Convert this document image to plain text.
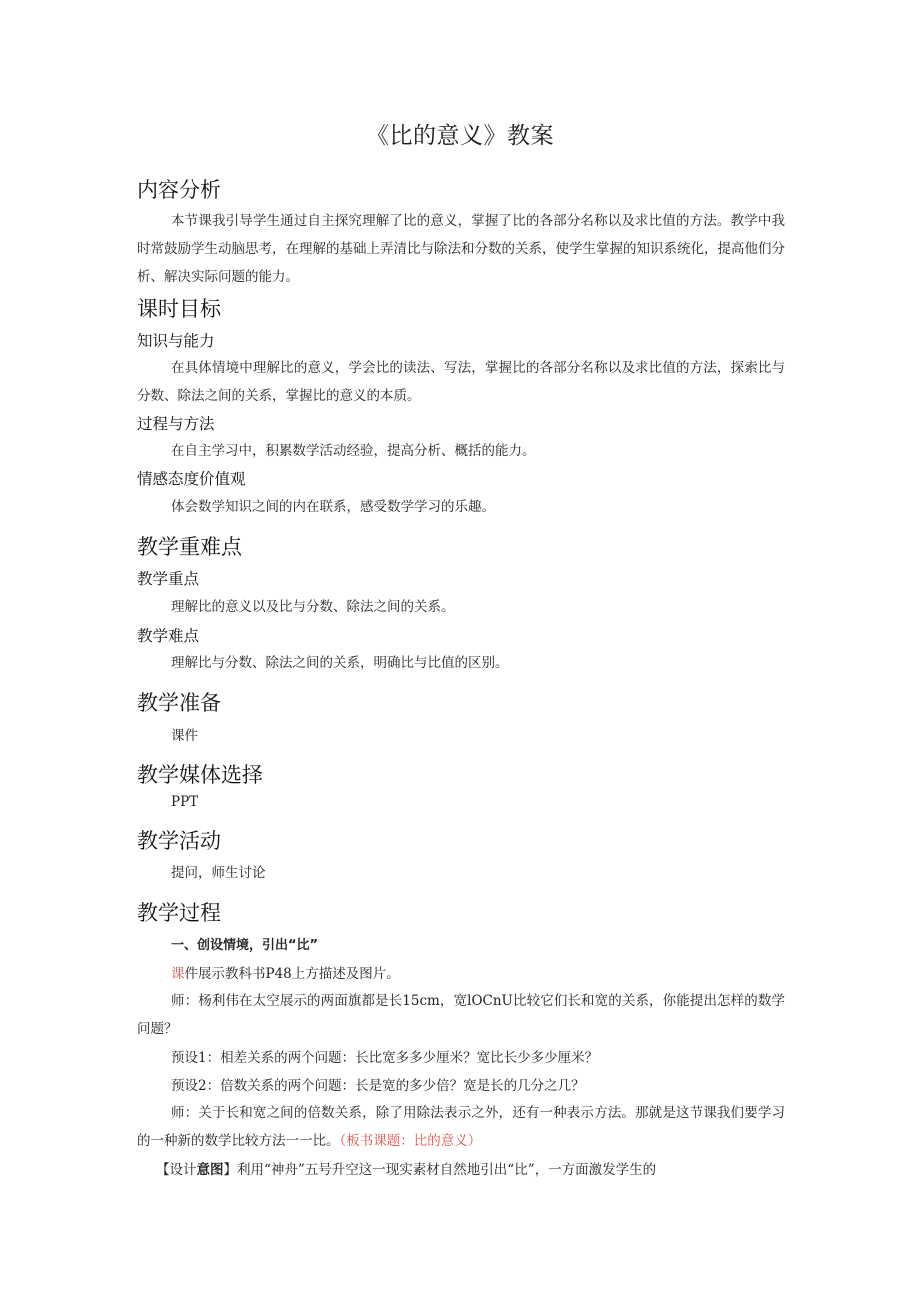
《比的意义》教案
内容分析
本节课我引导学生通过自主探究理解了比的意义，掌握了比的各部分名称以及求比值的方法。教学中我时常鼓励学生动脑思考，在理解的基础上弄清比与除法和分数的关系，使学生掌握的知识系统化，提高他们分析、解决实际问题的能力。
课时目标
知识与能力
在具体情境中理解比的意义，学会比的读法、写法，掌握比的各部分名称以及求比值的方法，探索比与分数、除法之间的关系，掌握比的意义的本质。
过程与方法
在自主学习中，积累数学活动经验，提高分析、概括的能力。
情感态度价值观
体会数学知识之间的内在联系，感受数学学习的乐趣。
教学重难点
教学重点
理解比的意义以及比与分数、除法之间的关系。
教学难点
理解比与分数、除法之间的关系，明确比与比值的区别。
教学准备
课件
教学媒体选择
PPT
教学活动
提问，师生讨论
教学过程
一、创设情境，引出“比”
课件展示教科书P48上方描述及图片。
师：杨利伟在太空展示的两面旗都是长15cm，宽lOCnU比较它们长和宽的关系，你能提出怎样的数学问题？
预设1：相差关系的两个问题：长比宽多多少厘米？宽比长少多少厘米？
预设2：倍数关系的两个问题：长是宽的多少倍？宽是长的几分之几？
师：关于长和宽之间的倍数关系，除了用除法表示之外，还有一种表示方法。那就是这节课我们要学习的一种新的数学比较方法一一比。（板书课题：比的意义）
【设计意图】利用“神舟”五号升空这一现实素材自然地引出“比”，一方面激发学生的
